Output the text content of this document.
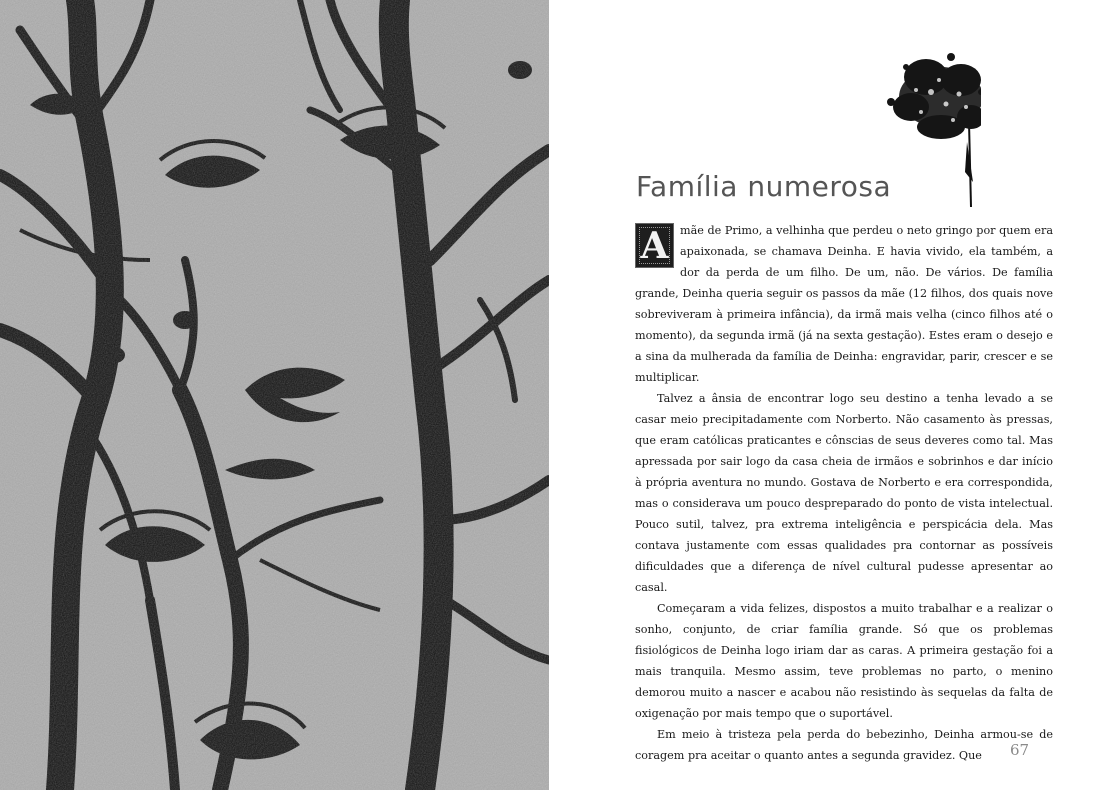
Família numerosa

A	mãe de Primo, a velhinha que perdeu o neto gringo por quem era apaixonada, se chamava Deinha. E havia vivido, ela também, a dor da perda de um filho. De um, não. De vários. De família grande, Deinha queria seguir os passos da mãe (12 filhos, dos quais nove sobreviveram à primeira infância), da irmã mais velha (cinco filhos até o momento), da segunda irmã (já na sexta gestação). Estes eram o desejo e a sina da mulherada da família de Deinha: engravidar, parir, crescer e se multiplicar.

Talvez a ânsia de encontrar logo seu destino a tenha levado a se casar meio precipitadamente com Norberto. Não casamento às pressas, que eram católicas praticantes e cônscias de seus deveres como tal. Mas apressada por sair logo da casa cheia de irmãos e sobrinhos e dar início à própria aventura no mundo. Gostava de Norberto e era correspondida, mas o considerava um pouco despreparado do ponto de vista intelectual. Pouco sutil, talvez, pra extrema inteligência e perspicácia dela. Mas contava justamente com essas qualidades pra contornar as possíveis dificuldades que a diferença de nível cultural pudesse apresentar ao casal.

Começaram a vida felizes, dispostos a muito trabalhar e a realizar o sonho, conjunto, de criar família grande. Só que os problemas fisiológicos de Deinha logo iriam dar as caras. A primeira gestação foi a mais tranquila. Mesmo assim, teve problemas no parto, o menino demorou muito a nascer e acabou não resistindo às sequelas da falta de oxigenação por mais tempo que o suportável.

Em meio à tristeza pela perda do bebezinho, Deinha armou-se de coragem pra aceitar o quanto antes a segunda gravidez. Que	67
